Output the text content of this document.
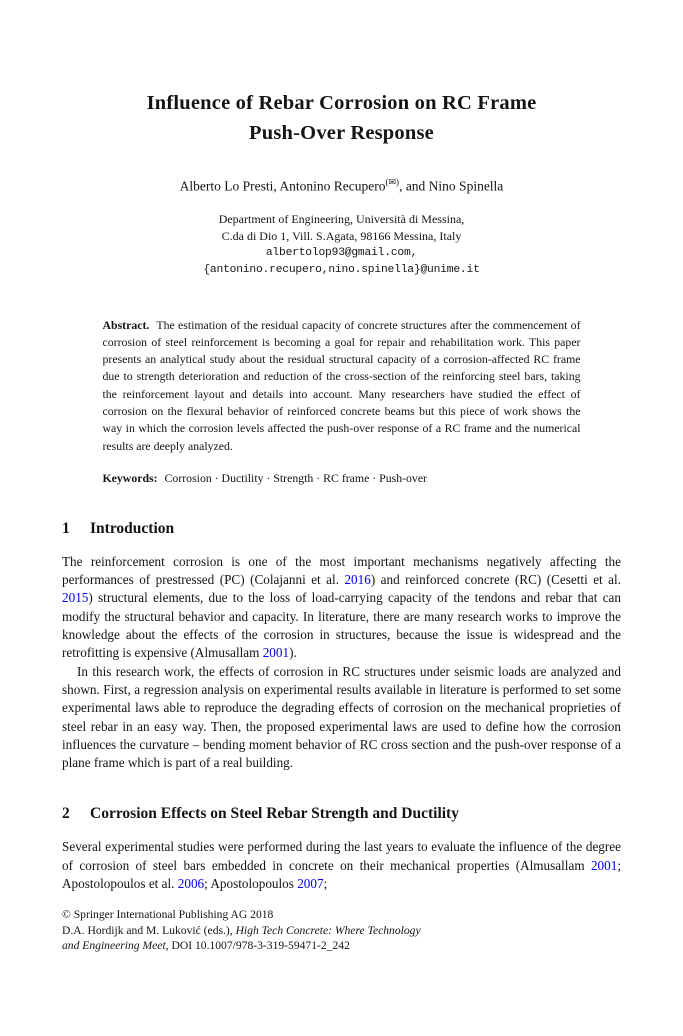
Influence of Rebar Corrosion on RC Frame
Push-Over Response
Alberto Lo Presti, Antonino Recupero(✉), and Nino Spinella
Department of Engineering, Università di Messina,
C.da di Dio 1, Vill. S.Agata, 98166 Messina, Italy
albertolop93@gmail.com,
{antonino.recupero,nino.spinella}@unime.it
Abstract. The estimation of the residual capacity of concrete structures after the commencement of corrosion of steel reinforcement is becoming a goal for repair and rehabilitation work. This paper presents an analytical study about the residual structural capacity of a corrosion-affected RC frame due to strength deterioration and reduction of the cross-section of the reinforcing steel bars, taking the reinforcement layout and details into account. Many researchers have studied the effect of corrosion on the flexural behavior of reinforced concrete beams but this piece of work shows the way in which the corrosion levels affected the push-over response of a RC frame and the numerical results are deeply analyzed.
Keywords: Corrosion · Ductility · Strength · RC frame · Push-over
1 Introduction

The reinforcement corrosion is one of the most important mechanisms negatively affecting the performances of prestressed (PC) (Colajanni et al. 2016) and reinforced concrete (RC) (Cesetti et al. 2015) structural elements, due to the loss of load-carrying capacity of the tendons and rebar that can modify the structural behavior and capacity. In literature, there are many research works to improve the knowledge about the effects of the corrosion in structures, because the issue is widespread and the retrofitting is expensive (Almusallam 2001).

In this research work, the effects of corrosion in RC structures under seismic loads are analyzed and shown. First, a regression analysis on experimental results available in literature is performed to set some experimental laws able to reproduce the degrading effects of corrosion on the mechanical proprieties of steel rebar in an easy way. Then, the proposed experimental laws are used to define how the corrosion influences the curvature – bending moment behavior of RC cross section and the push-over response of a plane frame which is part of a real building.

2 Corrosion Effects on Steel Rebar Strength and Ductility

Several experimental studies were performed during the last years to evaluate the influence of the degree of corrosion of steel bars embedded in concrete on their mechanical properties (Almusallam 2001; Apostolopoulos et al. 2006; Apostolopoulos 2007;

© Springer International Publishing AG 2018
D.A. Hordijk and M. Luković (eds.), High Tech Concrete: Where Technology
and Engineering Meet, DOI 10.1007/978-3-319-59471-2_242
